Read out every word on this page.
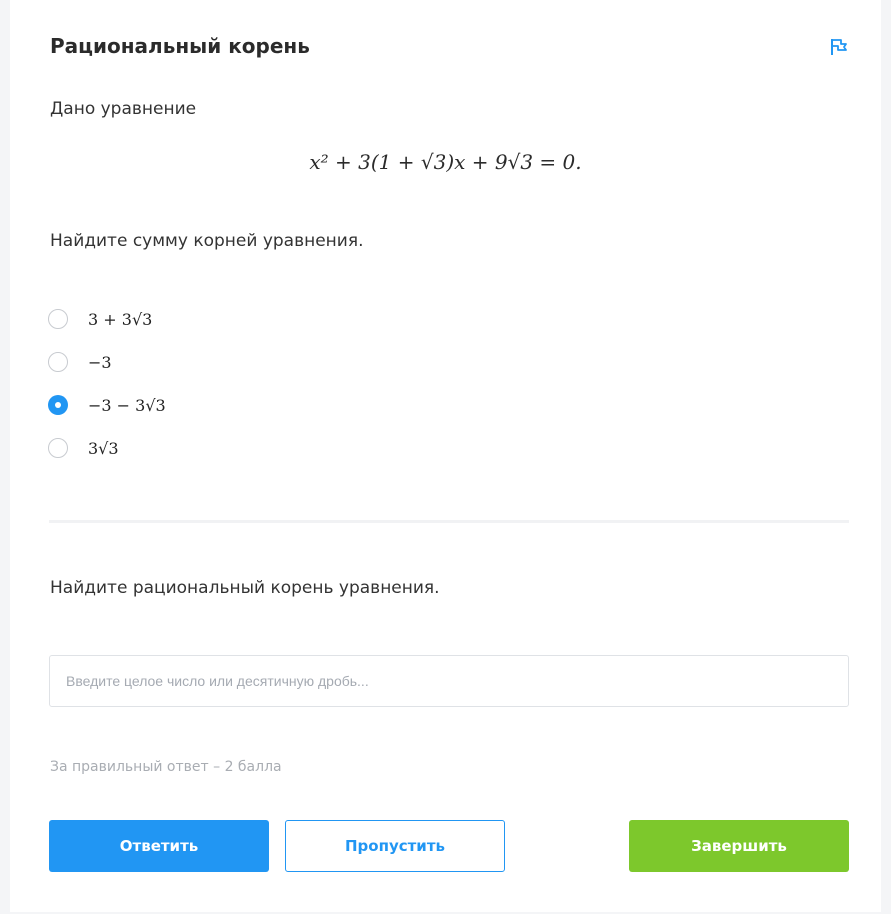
Рациональный корень
Дано уравнение
x² + 3(1 + √3)x + 9√3 = 0.
Найдите сумму корней уравнения.
3 + 3√3
−3
−3 − 3√3
3√3
Найдите рациональный корень уравнения.
Введите целое число или десятичную дробь...
За правильный ответ – 2 балла
Ответить	Пропустить	Завершить
